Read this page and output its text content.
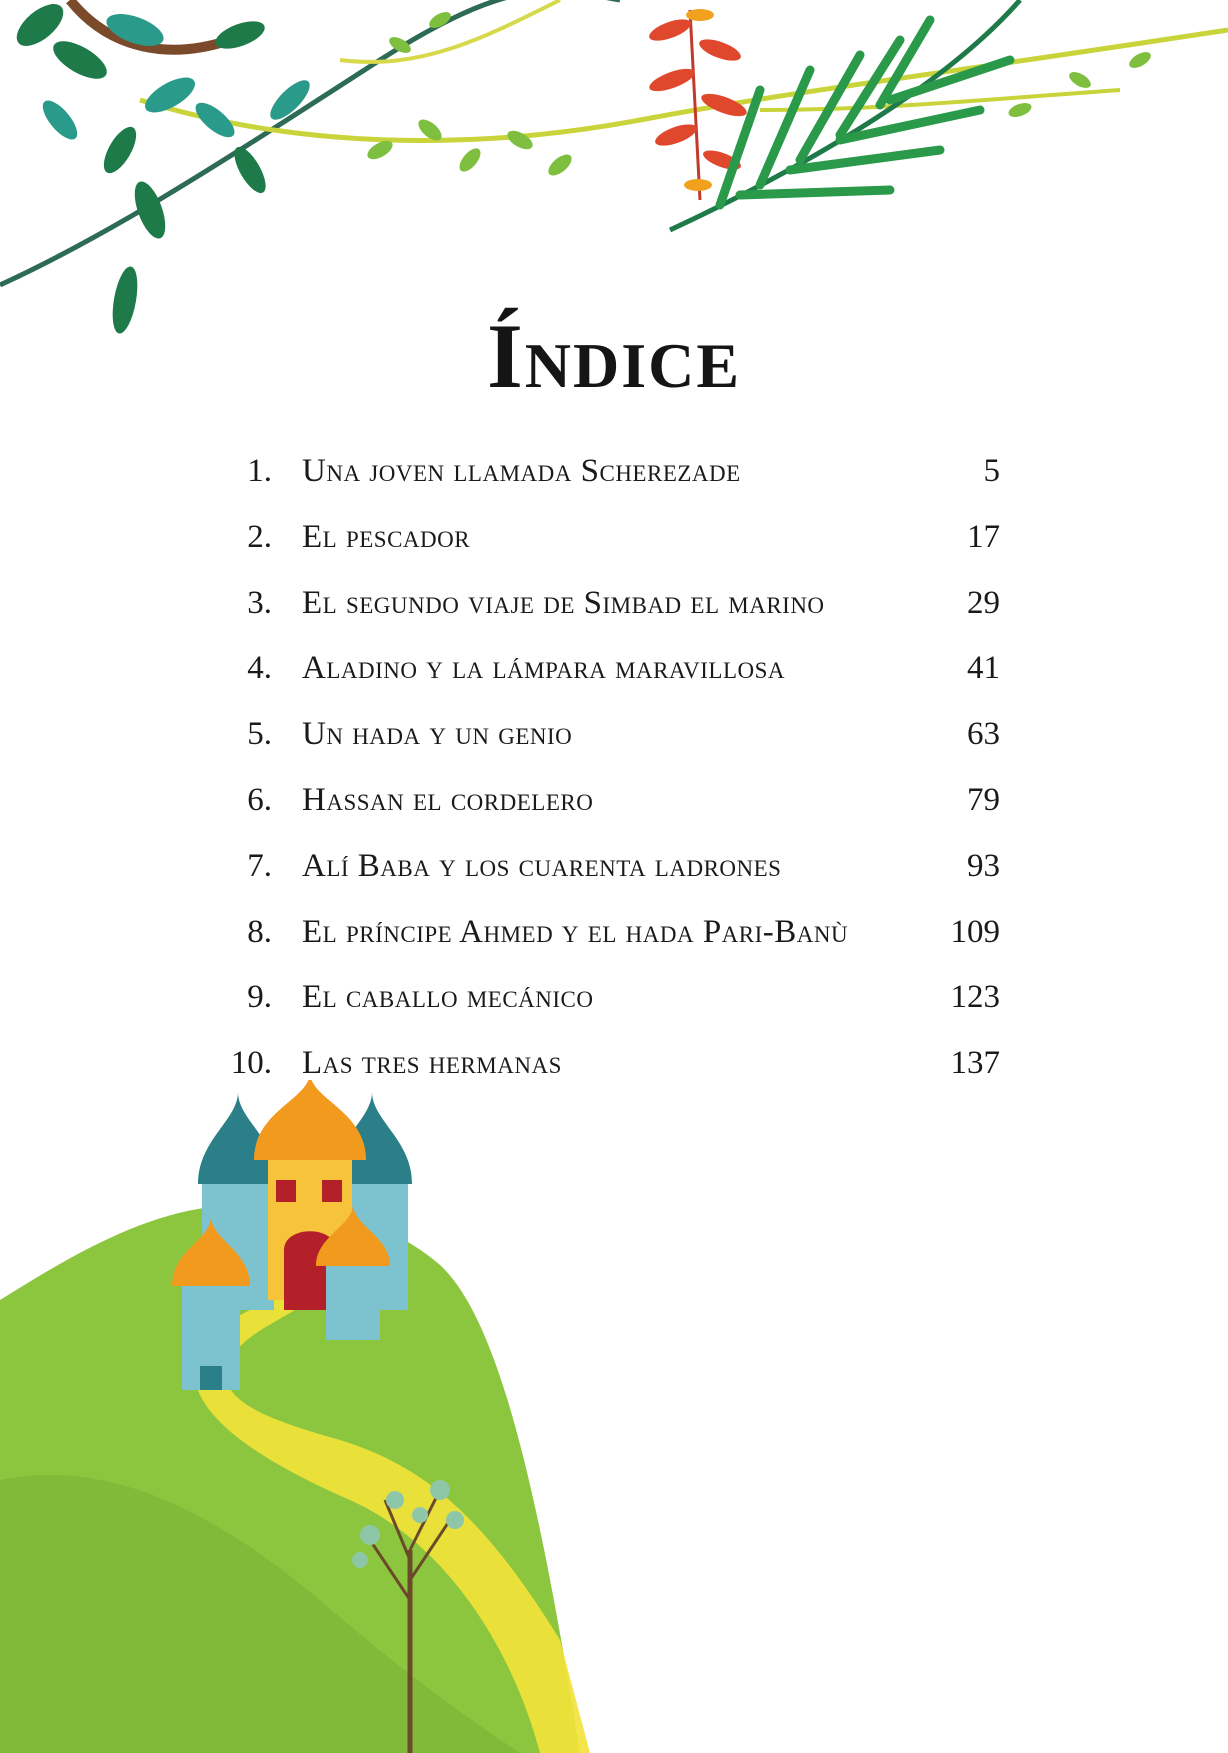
Índice
1. Una joven llamada Scherezade	5
2. El pescador	17
3. El segundo viaje de Simbad el marino	29
4. Aladino y la lámpara maravillosa	41
5. Un hada y un genio	63
6. Hassan el cordelero	79
7. Alí Baba y los cuarenta ladrones	93
8. El príncipe Ahmed y el hada Pari-Banù	109
9. El caballo mecánico	123
10. Las tres hermanas	137
